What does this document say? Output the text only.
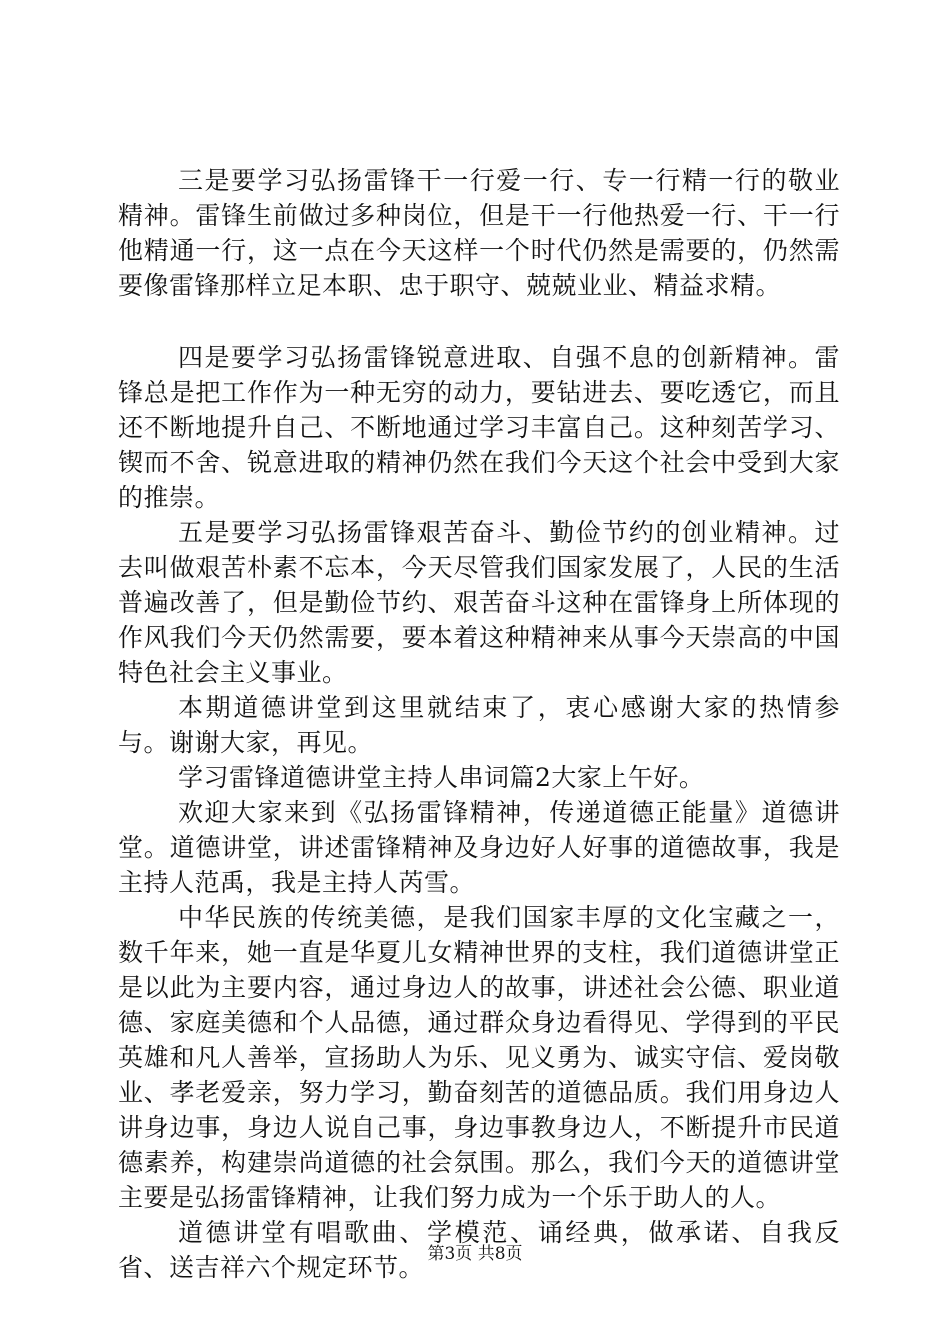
三是要学习弘扬雷锋干一行爱一行、专一行精一行的敬业精神。雷锋生前做过多种岗位，但是干一行他热爱一行、干一行他精通一行，这一点在今天这样一个时代仍然是需要的，仍然需要像雷锋那样立足本职、忠于职守、兢兢业业、精益求精。

四是要学习弘扬雷锋锐意进取、自强不息的创新精神。雷锋总是把工作作为一种无穷的动力，要钻进去、要吃透它，而且还不断地提升自己、不断地通过学习丰富自己。这种刻苦学习、锲而不舍、锐意进取的精神仍然在我们今天这个社会中受到大家的推崇。

五是要学习弘扬雷锋艰苦奋斗、勤俭节约的创业精神。过去叫做艰苦朴素不忘本，今天尽管我们国家发展了，人民的生活普遍改善了，但是勤俭节约、艰苦奋斗这种在雷锋身上所体现的作风我们今天仍然需要，要本着这种精神来从事今天崇高的中国特色社会主义事业。

本期道德讲堂到这里就结束了，衷心感谢大家的热情参与。谢谢大家，再见。

学习雷锋道德讲堂主持人串词篇2大家上午好。

欢迎大家来到《弘扬雷锋精神，传递道德正能量》道德讲堂。道德讲堂，讲述雷锋精神及身边好人好事的道德故事，我是主持人范禹，我是主持人芮雪。

中华民族的传统美德，是我们国家丰厚的文化宝藏之一，数千年来，她一直是华夏儿女精神世界的支柱，我们道德讲堂正是以此为主要内容，通过身边人的故事，讲述社会公德、职业道德、家庭美德和个人品德，通过群众身边看得见、学得到的平民英雄和凡人善举，宣扬助人为乐、见义勇为、诚实守信、爱岗敬业、孝老爱亲，努力学习，勤奋刻苦的道德品质。我们用身边人讲身边事，身边人说自己事，身边事教身边人，不断提升市民道德素养，构建崇尚道德的社会氛围。那么，我们今天的道德讲堂主要是弘扬雷锋精神，让我们努力成为一个乐于助人的人。

道德讲堂有唱歌曲、学模范、诵经典，做承诺、自我反省、送吉祥六个规定环节。 第3页 共8页
